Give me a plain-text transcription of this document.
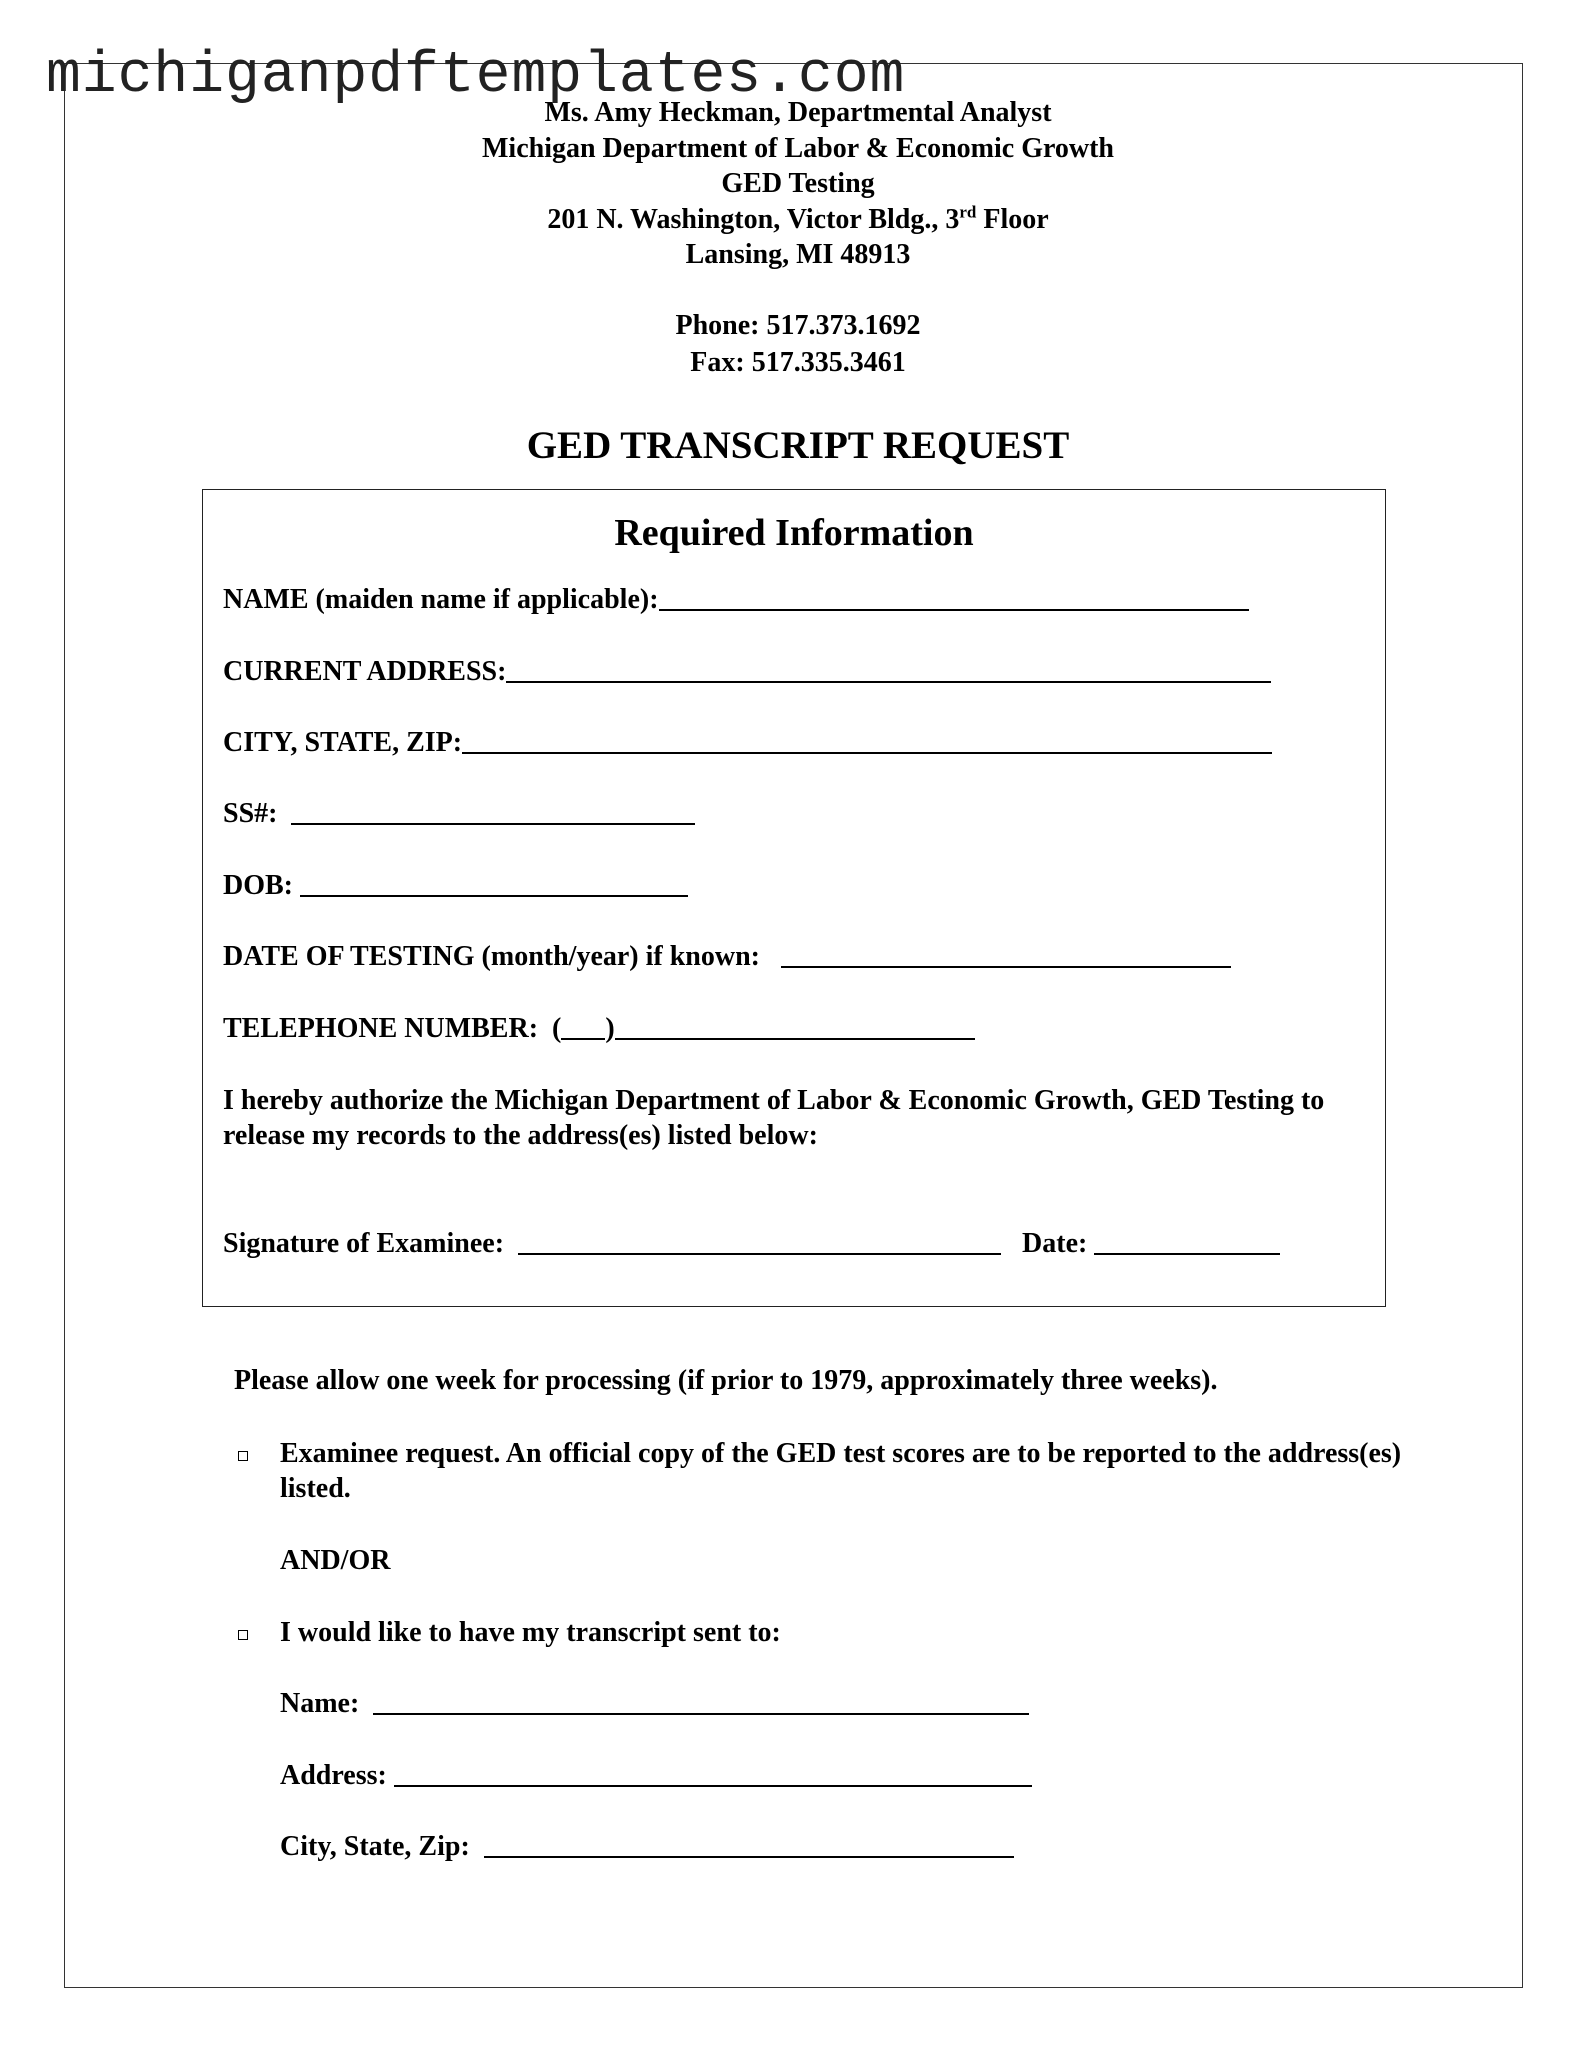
michiganpdftemplates.com
Ms. Amy Heckman, Departmental Analyst
Michigan Department of Labor & Economic Growth
GED Testing
201 N. Washington, Victor Bldg., 3rd Floor
Lansing, MI 48913
Phone: 517.373.1692
Fax: 517.335.3461
GED TRANSCRIPT REQUEST
Required Information
NAME (maiden name if applicable):
CURRENT ADDRESS:
CITY, STATE, ZIP:
SS#:
DOB:
DATE OF TESTING (month/year) if known:
TELEPHONE NUMBER: ( )
I hereby authorize the Michigan Department of Labor & Economic Growth, GED Testing to release my records to the address(es) listed below:
Signature of Examinee:	Date:
Please allow one week for processing (if prior to 1979, approximately three weeks).
Examinee request. An official copy of the GED test scores are to be reported to the address(es) listed.
AND/OR
I would like to have my transcript sent to:
Name:
Address:
City, State, Zip:
